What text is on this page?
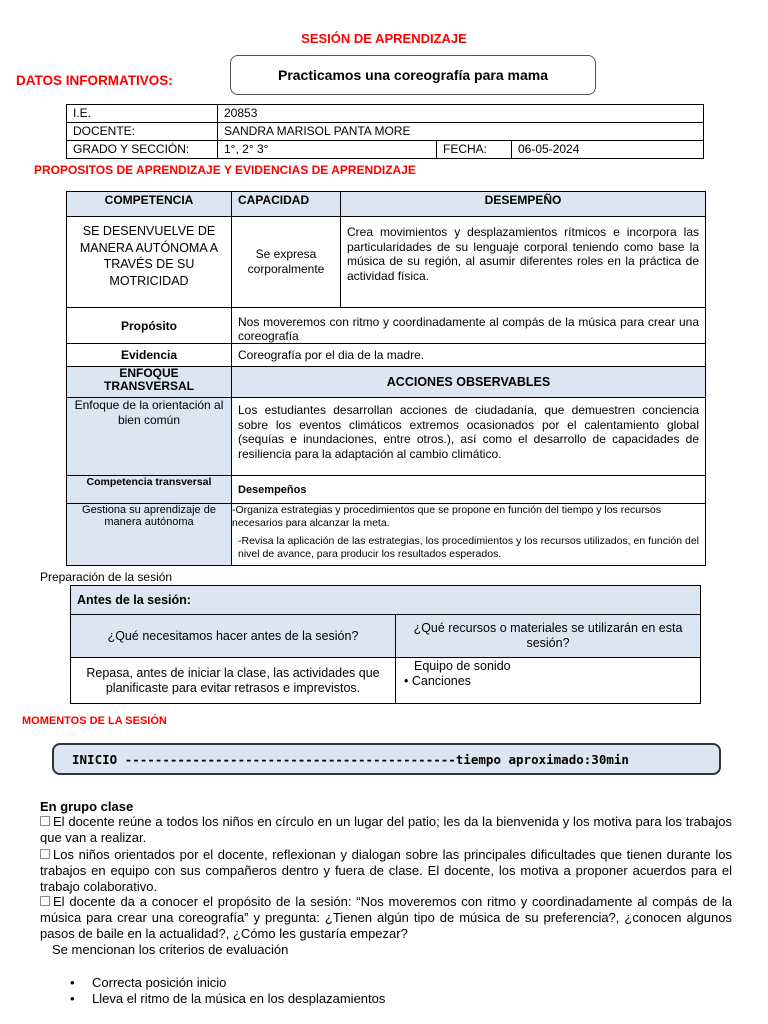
SESIÓN DE APRENDIZAJE
DATOS INFORMATIVOS:	Practicamos una coreografía para mama
I.E.	20853		
DOCENTE:	SANDRA MARISOL PANTA MORE		
GRADO Y SECCIÓN:	1°, 2° 3°	FECHA:	06-05-2024
PROPOSITOS DE APRENDIZAJE Y EVIDENCIAS DE APRENDIZAJE
COMPETENCIA	CAPACIDAD	DESEMPEÑO
SE DESENVUELVE DE MANERA AUTÓNOMA A TRAVÉS DE SU MOTRICIDAD	Se expresa corporalmente	Crea movimientos y desplazamientos rítmicos e incorpora las particularidades de su lenguaje corporal teniendo como base la música de su región, al asumir diferentes roles en la práctica de actividad física.
Propósito	Nos moveremos con ritmo y coordinadamente al compás de la música para crear una coreografía	
Evidencia	Coreografía por el dia de la madre.	
ENFOQUE TRANSVERSAL	ACCIONES OBSERVABLES	
Enfoque de la orientación al bien común	Los estudiantes desarrollan acciones de ciudadanía, que demuestren conciencia sobre los eventos climáticos extremos ocasionados por el calentamiento global (sequías e inundaciones, entre otros.), así como el desarrollo de capacidades de resiliencia para la adaptación al cambio climático.	
Competencia transversal	Desempeños	
Gestiona su aprendizaje de manera autónoma	-Organiza estrategias y procedimientos que se propone en función del tiempo y los recursos necesarios para alcanzar la meta.
-Revisa la aplicación de las estrategias, los procedimientos y los recursos utilizados, en función del nivel de avance, para producir los resultados esperados.	
Preparación de la sesión
Antes de la sesión:	
¿Qué necesitamos hacer antes de la sesión?	¿Qué recursos o materiales se utilizarán en esta sesión?
Repasa, antes de iniciar la clase, las actividades que planificaste para evitar retrasos e imprevistos.	Equipo de sonido
• Canciones
MOMENTOS DE LA SESIÓN
INICIO
-------------------------------------------- tiempo aproximado:30min
En grupo clase
El docente reúne a todos los niños en círculo en un lugar del patio; les da la bienvenida y los motiva para los trabajos que van a realizar.
Los niños orientados por el docente, reflexionan y dialogan sobre las principales dificultades que tienen durante los trabajos en equipo con sus compañeros dentro y fuera de clase. El docente, los motiva a proponer acuerdos para el trabajo colaborativo.
El docente da a conocer el propósito de la sesión: “Nos moveremos con ritmo y coordinadamente al compás de la música para crear una coreografía” y pregunta: ¿Tienen algún tipo de música de su preferencia?, ¿conocen algunos pasos de baile en la actualidad?, ¿Cómo les gustaría empezar?
Se mencionan los criterios de evaluación
• Correcta posición inicio
• Lleva el ritmo de la música en los desplazamientos
